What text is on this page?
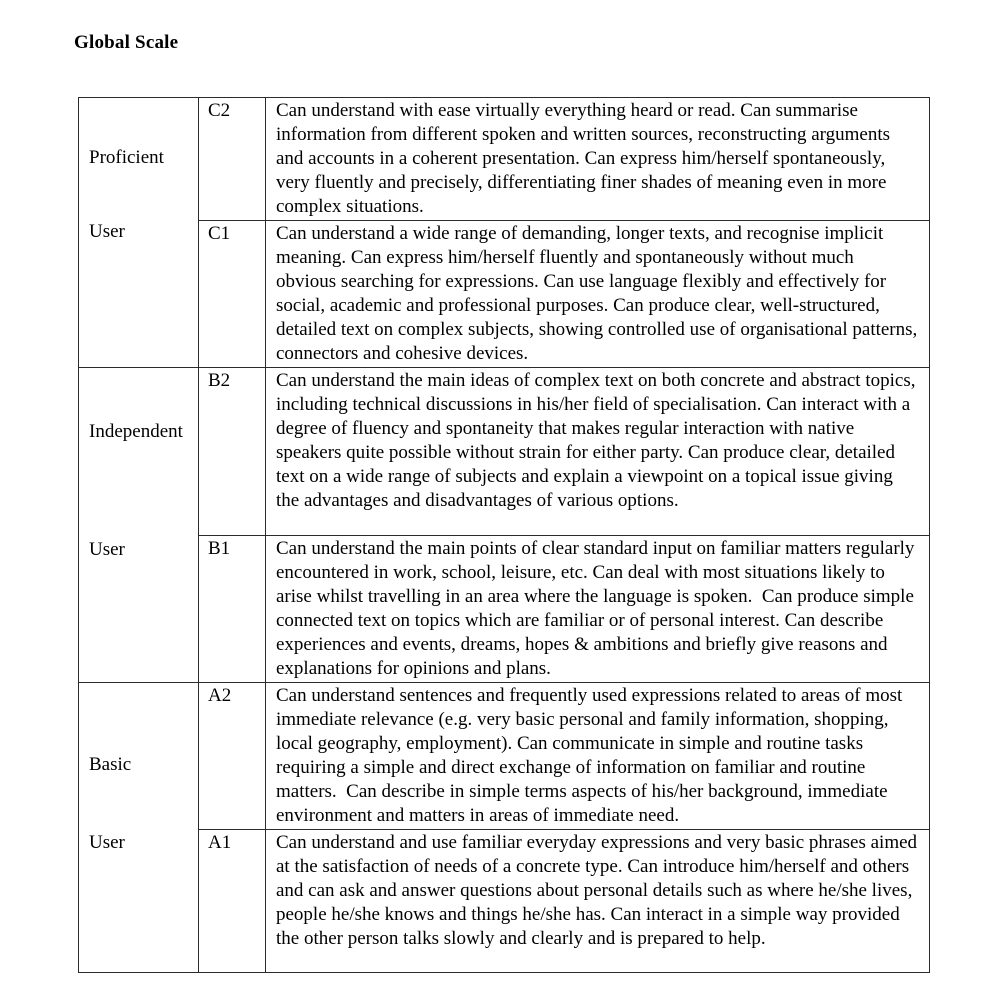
Global Scale
Proficient
User	C2	Can understand with ease virtually everything heard or read. Can summarise information from different spoken and written sources, reconstructing arguments and accounts in a coherent presentation. Can express him/herself spontaneously, very fluently and precisely, differentiating finer shades of meaning even in more complex situations.
	C1	Can understand a wide range of demanding, longer texts, and recognise implicit meaning. Can express him/herself fluently and spontaneously without much obvious searching for expressions. Can use language flexibly and effectively for social, academic and professional purposes. Can produce clear, well-structured, detailed text on complex subjects, showing controlled use of organisational patterns, connectors and cohesive devices.

Independent
User	B2	Can understand the main ideas of complex text on both concrete and abstract topics, including technical discussions in his/her field of specialisation. Can interact with a degree of fluency and spontaneity that makes regular interaction with native speakers quite possible without strain for either party. Can produce clear, detailed text on a wide range of subjects and explain a viewpoint on a topical issue giving the advantages and disadvantages of various options.
	B1	Can understand the main points of clear standard input on familiar matters regularly encountered in work, school, leisure, etc. Can deal with most situations likely to arise whilst travelling in an area where the language is spoken.  Can produce simple connected text on topics which are familiar or of personal interest. Can describe experiences and events, dreams, hopes & ambitions and briefly give reasons and explanations for opinions and plans.

Basic
User	A2	Can understand sentences and frequently used expressions related to areas of most immediate relevance (e.g. very basic personal and family information, shopping, local geography, employment). Can communicate in simple and routine tasks requiring a simple and direct exchange of information on familiar and routine matters.  Can describe in simple terms aspects of his/her background, immediate environment and matters in areas of immediate need.
	A1	Can understand and use familiar everyday expressions and very basic phrases aimed at the satisfaction of needs of a concrete type. Can introduce him/herself and others and can ask and answer questions about personal details such as where he/she lives, people he/she knows and things he/she has. Can interact in a simple way provided the other person talks slowly and clearly and is prepared to help.
